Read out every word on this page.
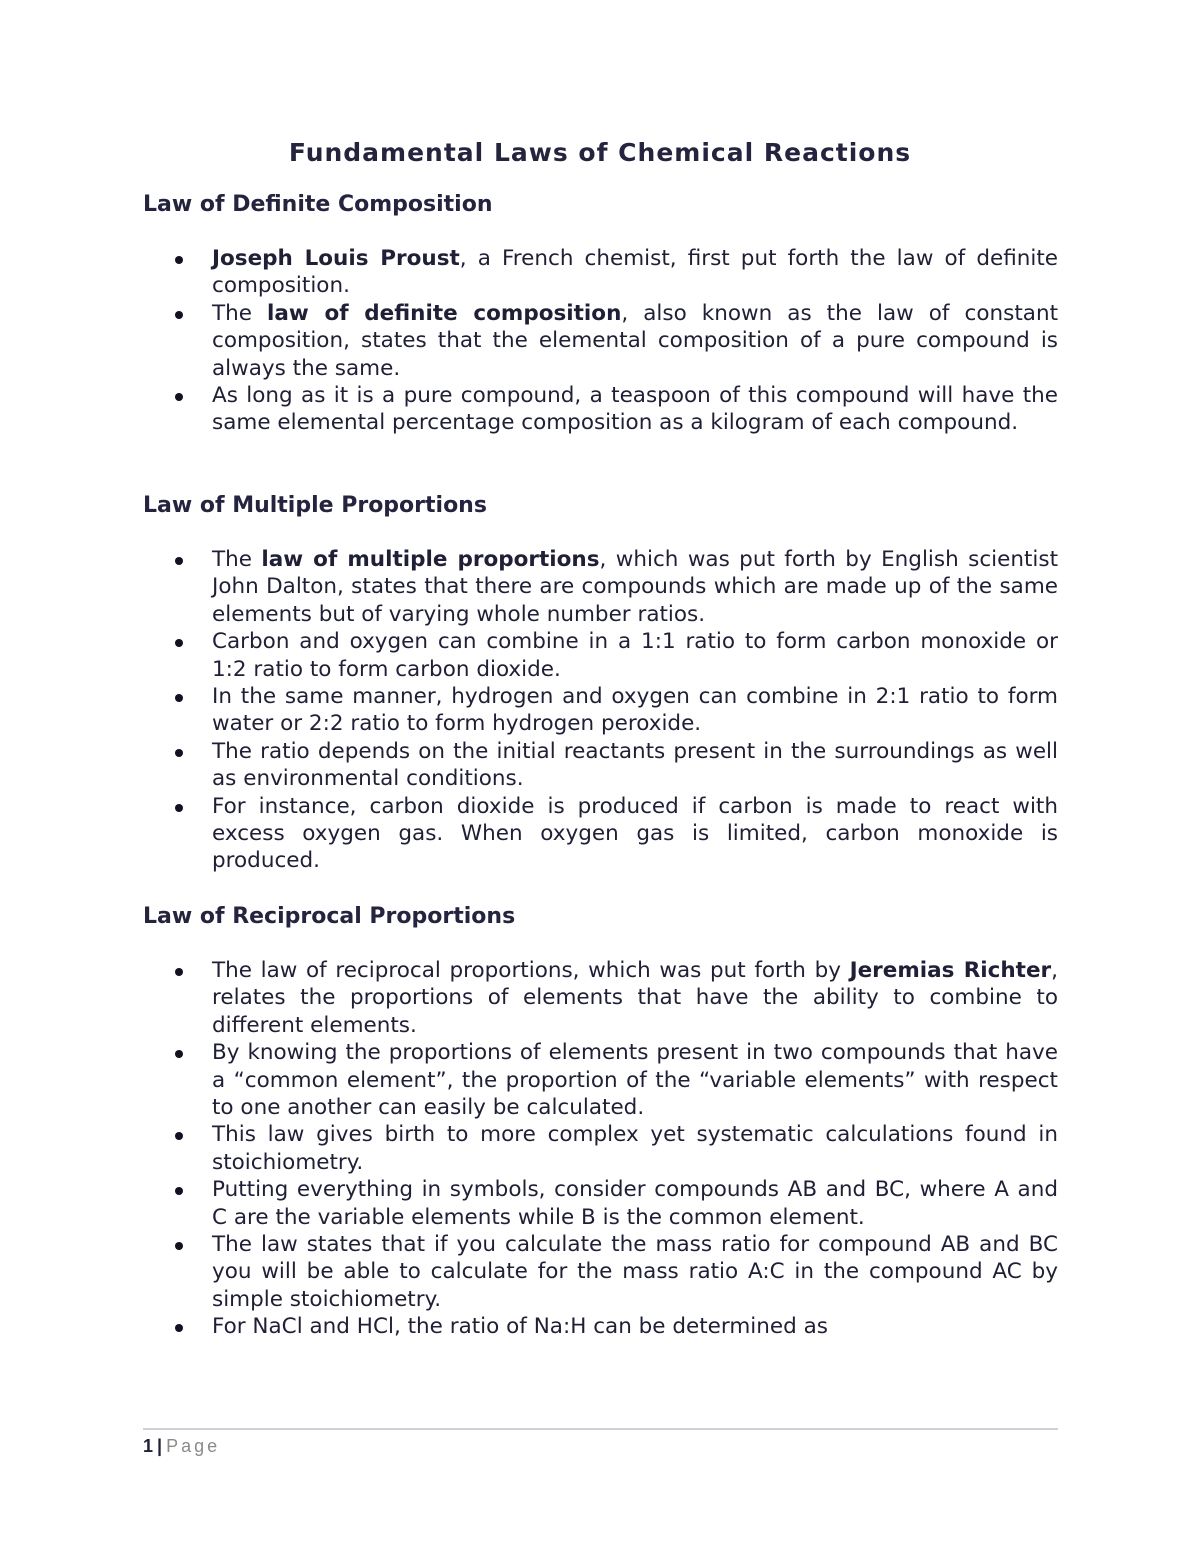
Fundamental Laws of Chemical Reactions
Law of Definite Composition
Joseph Louis Proust, a French chemist, first put forth the law of definite composition.
The law of definite composition, also known as the law of constant composition, states that the elemental composition of a pure compound is always the same.
As long as it is a pure compound, a teaspoon of this compound will have the same elemental percentage composition as a kilogram of each compound.
Law of Multiple Proportions
The law of multiple proportions, which was put forth by English scientist John Dalton, states that there are compounds which are made up of the same elements but of varying whole number ratios.
Carbon and oxygen can combine in a 1:1 ratio to form carbon monoxide or 1:2 ratio to form carbon dioxide.
In the same manner, hydrogen and oxygen can combine in 2:1 ratio to form water or 2:2 ratio to form hydrogen peroxide.
The ratio depends on the initial reactants present in the surroundings as well as environmental conditions.
For instance, carbon dioxide is produced if carbon is made to react with excess oxygen gas. When oxygen gas is limited, carbon monoxide is produced.
Law of Reciprocal Proportions
The law of reciprocal proportions, which was put forth by Jeremias Richter, relates the proportions of elements that have the ability to combine to different elements.
By knowing the proportions of elements present in two compounds that have a “common element”, the proportion of the “variable elements” with respect to one another can easily be calculated.
This law gives birth to more complex yet systematic calculations found in stoichiometry.
Putting everything in symbols, consider compounds AB and BC, where A and C are the variable elements while B is the common element.
The law states that if you calculate the mass ratio for compound AB and BC you will be able to calculate for the mass ratio A:C in the compound AC by simple stoichiometry.
For NaCl and HCl, the ratio of Na:H can be determined as
1 | Page
